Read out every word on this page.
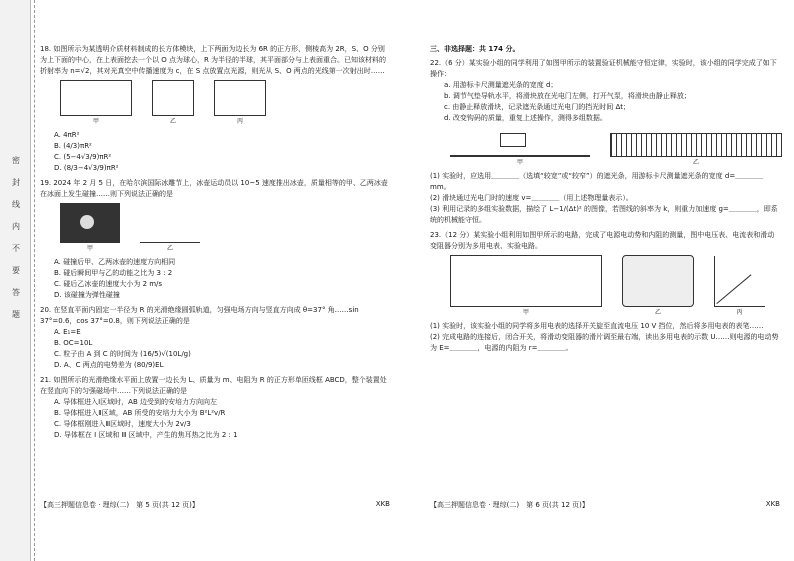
密 封 线 内 不 要 答 题

18. 如图所示为某透明介质材料制成的长方体模块，上下两面为边长为 6R 的正方形，侧棱高为 2R，S、O 分别为上下面的中心，在上表面挖去一个以 O 点为球心，R 为半径的半球，其平面部分与上表面重合。已知该材料的折射率为 n=√2，其对光真空中传播速度为 c，在 S 点放置点光源，则光从 S、O 两点的光线第一次射出时……

甲	乙	丙

A. 4πR²

B. (4/3)πR²

C. (5−4√3/9)πR²

D. (8/3−4√3/9)πR²

19. 2024 年 2 月 5 日，在哈尔滨国际冰雕节上，冰壶运动员以 10~5 速度推出冰壶，质量相等的甲、乙两冰壶在冰面上发生碰撞……则下列说法正确的是

甲	乙

A. 碰撞后甲、乙两冰壶的速度方向相同

B. 碰后瞬间甲与乙的动能之比为 3 : 2

C. 碰后乙冰壶的速度大小为 2 m/s

D. 该碰撞为弹性碰撞

20. 在竖直平面内固定一半径为 R 的光滑绝缘圆弧轨道，匀强电场方向与竖直方向成 θ=37° 角……sin 37°=0.6，cos 37°=0.8，则下列说法正确的是

A. E₁=E

B. OC=10L

C. 粒子由 A 到 C 的时间为 (16/5)√(10L/g)

D. A、C 两点的电势差为 (80/9)EL

21. 如图所示的光滑绝缘水平面上放置一边长为 L、质量为 m、电阻为 R 的正方形单匝线框 ABCD，整个装置处在竖直向下的匀强磁场中……下列说法正确的是

A. 导体框进入Ⅰ区域时，AB 边受到的安培力方向向左

B. 导体框进入Ⅱ区域，AB 所受的安培力大小为 B²L²v/R

C. 导体框刚进入Ⅲ区域时，速度大小为 2v/3

D. 导体框在 Ⅰ 区域和 Ⅲ 区域中，产生的焦耳热之比为 2 : 1

【高三押题信息卷 · 理综(二)　第 5 页(共 12 页)】	XKB

三、非选择题：共 174 分。

22.（6 分）某实验小组的同学利用了如图甲所示的装置验证机械能守恒定律，实验时，该小组的同学完成了如下操作：

a. 用游标卡尺测量遮光条的宽度 d；

b. 调节气垫导轨水平，将滑块放在光电门左侧，打开气泵，将滑块由静止释放；

c. 由静止释放滑块，记录遮光条通过光电门的挡光时间 Δt；

d. 改变钩码的质量，重复上述操作，测得多组数据。

甲	乙

(1) 实验时，应选用＿＿＿＿（选填“较宽”或“较窄”）的遮光条，用游标卡尺测量遮光条的宽度 d=＿＿＿＿ mm。

(2) 滑块通过光电门时的速度 v=＿＿＿＿（用上述物理量表示）。

(3) 利用记录的多组实验数据，描绘了 L−1/(Δt)² 的图像，若图线的斜率为 k，则重力加速度 g=＿＿＿＿，即系统的机械能守恒。

23.（12 分）某实验小组利用如图甲所示的电路，完成了电源电动势和内阻的测量，图中电压表、电流表和滑动变阻器分别为多用电表、实验电路。

甲	乙	丙

(1) 实验时，该实验小组的同学将多用电表的选择开关旋至直流电压 10 V 挡位，然后将多用电表的表笔……

(2) 完成电路的连接后，闭合开关，将滑动变阻器的滑片调至最右端，读出多用电表的示数 U……则电源的电动势为 E=＿＿＿＿，电源的内阻为 r=＿＿＿＿。

【高三押题信息卷 · 理综(二)　第 6 页(共 12 页)】	XKB
